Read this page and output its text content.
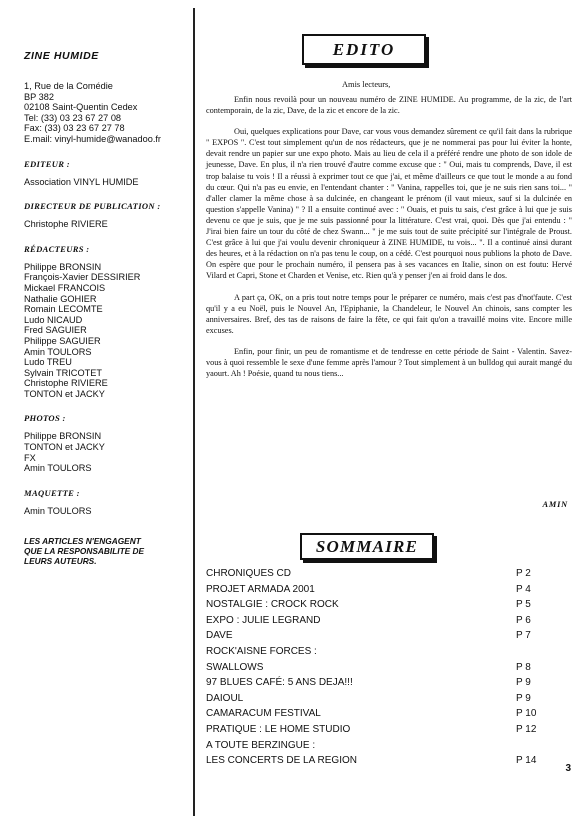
ZINE HUMIDE
1, Rue de la Comédie
BP 382
02108 Saint-Quentin Cedex
Tel: (33) 03 23 67 27 08
Fax: (33) 03 23 67 27 78
E.mail: vinyl-humide@wanadoo.fr
EDITEUR :
Association VINYL HUMIDE
DIRECTEUR DE PUBLICATION :
Christophe RIVIERE
RÉDACTEURS :
Philippe BRONSIN
François-Xavier DESSIRIER
Mickael FRANCOIS
Nathalie GOHIER
Romain LECOMTE
Ludo NICAUD
Fred SAGUIER
Philippe SAGUIER
Amin TOULORS
Ludo TREU
Sylvain TRICOTET
Christophe RIVIERE
TONTON et JACKY
PHOTOS :
Philippe BRONSIN
TONTON et JACKY
FX
Amin TOULORS
MAQUETTE :
Amin TOULORS
LES ARTICLES N'ENGAGENT
QUE LA RESPONSABILITE DE
LEURS AUTEURS.
EDITO
Amis lecteurs,

Enfin nous revoilà pour un nouveau numéro de ZINE HUMIDE. Au programme, de la zic, de l'art contemporain, de la zic, Dave, de la zic et encore de la zic.

Oui, quelques explications pour Dave, car vous vous demandez sûrement ce qu'il fait dans la rubrique " EXPOS ". C'est tout simplement qu'un de nos rédacteurs, que je ne nommerai pas pour lui éviter la honte, devait rendre un papier sur une expo photo. Mais au lieu de cela il a préféré rendre une photo de son idole de jeunesse, Dave. En plus, il n'a rien trouvé d'autre comme excuse que : " Oui, mais tu comprends, Dave, il est trop balaise tu vois ! Il a réussi à exprimer tout ce que j'ai, et même d'ailleurs ce que tout le monde a au fond du cœur. Qui n'a pas eu envie, en l'entendant chanter : " Vanina, rappelles toi, que je ne suis rien sans toi... " d'aller clamer la même chose à sa dulcinée, en changeant le prénom (il vaut mieux, sauf si la dulcinée en question s'appelle Vanina) " ? Il a ensuite continué avec : " Ouais, et puis tu sais, c'est grâce à lui que je suis devenu ce que je suis, que je me suis passionné pour la littérature. C'est vrai, quoi. Dès que j'ai entendu : " J'irai bien faire un tour du côté de chez Swann... " je me suis tout de suite précipité sur l'intégrale de Proust. C'est grâce à lui que j'ai voulu devenir chroniqueur à ZINE HUMIDE, tu vois... ". Il a continué ainsi durant des heures, et à la rédaction on n'a pas tenu le coup, on a cédé. C'est pourquoi nous publions la photo de Dave. On espère que pour le prochain numéro, il pensera pas à ses vacances en Italie, sinon on est foutu: Hervé Vilard et Capri, Stone et Charden et Venise, etc. Rien qu'à y penser j'en ai froid dans le dos.

A part ça, OK, on a pris tout notre temps pour le préparer ce numéro, mais c'est pas d'not'faute. C'est qu'il y a eu Noël, puis le Nouvel An, l'Epiphanie, la Chandeleur, le Nouvel An chinois, sans compter les anniversaires. Bref, des tas de raisons de faire la fête, ce qui fait qu'on a travaillé moins vite. Encore mille excuses.

Enfin, pour finir, un peu de romantisme et de tendresse en cette période de Saint - Valentin. Savez-vous à quoi ressemble le sexe d'une femme après l'amour ? Tout simplement à un bulldog qui aurait mangé du yaourt. Ah ! Poésie, quand tu nous tiens...

AMIN
SOMMAIRE
CHRONIQUES CD	P 2
PROJET ARMADA 2001	P 4
NOSTALGIE : CROCK ROCK	P 5
EXPO : JULIE LEGRAND	P 6
DAVE	P 7
ROCK'AISNE FORCES :
SWALLOWS	P 8
97 BLUES CAFÉ: 5 ANS DEJA!!!	P 9
DAIOUL	P 9
CAMARACUM FESTIVAL	P 10
PRATIQUE : LE HOME STUDIO	P 12
A TOUTE BERZINGUE :
LES CONCERTS DE LA REGION	P 14
3
